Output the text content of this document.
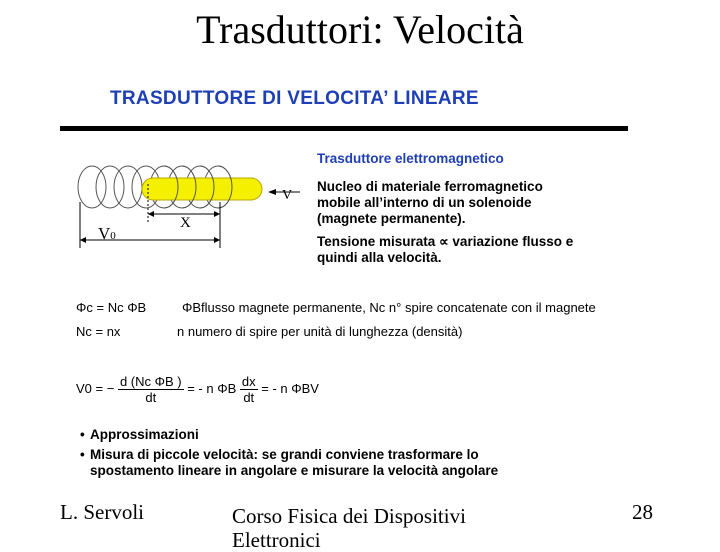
Trasduttori: Velocità
TRASDUTTORE DI VELOCITA’ LINEARE
V
X
V0
Trasduttore elettromagnetico
Nucleo di materiale ferromagnetico
mobile all’interno di un solenoide
(magnete permanente).
Tensione misurata ∝ variazione flusso e
quindi alla velocità.
Φc = Nc ΦB	ΦBflusso magnete permanente, Nc n° spire concatenate con il magnete
Nc = nx	n numero di spire per unità di lunghezza (densità)
V0 = − $\frac{\text{d (Nc ΦB )}}{dt}$ = - n ΦB $\frac{dx}{dt}$ = - n ΦBV
• Approssimazioni
• Misura di piccole velocità: se grandi conviene trasformare lo
spostamento lineare in angolare e misurare la velocità angolare
L. Servoli	Corso Fisica dei Dispositivi Elettronici
28
